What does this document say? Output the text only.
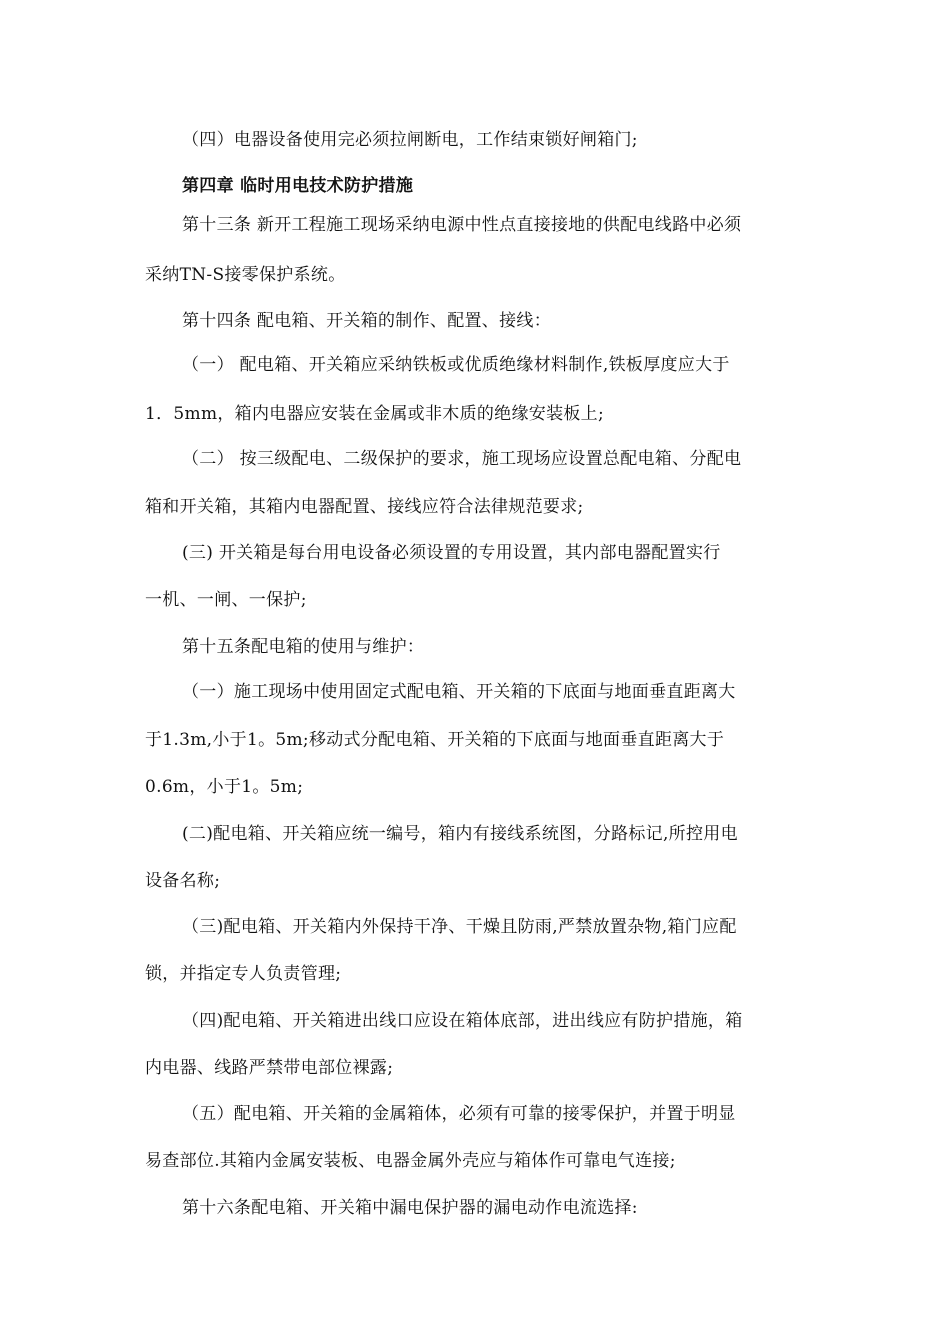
（四）电器设备使用完必须拉闸断电，工作结束锁好闸箱门;
第四章 临时用电技术防护措施
第十三条 新开工程施工现场采纳电源中性点直接接地的供配电线路中必须
采纳TN-S接零保护系统。
第十四条 配电箱、开关箱的制作、配置、接线：
（一） 配电箱、开关箱应采纳铁板或优质绝缘材料制作,铁板厚度应大于
1．5mm，箱内电器应安装在金属或非木质的绝缘安装板上;
（二） 按三级配电、二级保护的要求，施工现场应设置总配电箱、分配电
箱和开关箱，其箱内电器配置、接线应符合法律规范要求;
(三) 开关箱是每台用电设备必须设置的专用设置，其内部电器配置实行
一机、一闸、一保护;
第十五条配电箱的使用与维护：
（一）施工现场中使用固定式配电箱、开关箱的下底面与地面垂直距离大
于1.3m,小于1。5m;移动式分配电箱、开关箱的下底面与地面垂直距离大于
0.6m，小于1。5m;
(二)配电箱、开关箱应统一编号，箱内有接线系统图，分路标记,所控用电
设备名称;
（三)配电箱、开关箱内外保持干净、干燥且防雨,严禁放置杂物,箱门应配
锁，并指定专人负责管理;
（四)配电箱、开关箱进出线口应设在箱体底部，进出线应有防护措施，箱
内电器、线路严禁带电部位裸露;
（五）配电箱、开关箱的金属箱体，必须有可靠的接零保护，并置于明显
易查部位.其箱内金属安装板、电器金属外壳应与箱体作可靠电气连接;
第十六条配电箱、开关箱中漏电保护器的漏电动作电流选择:
